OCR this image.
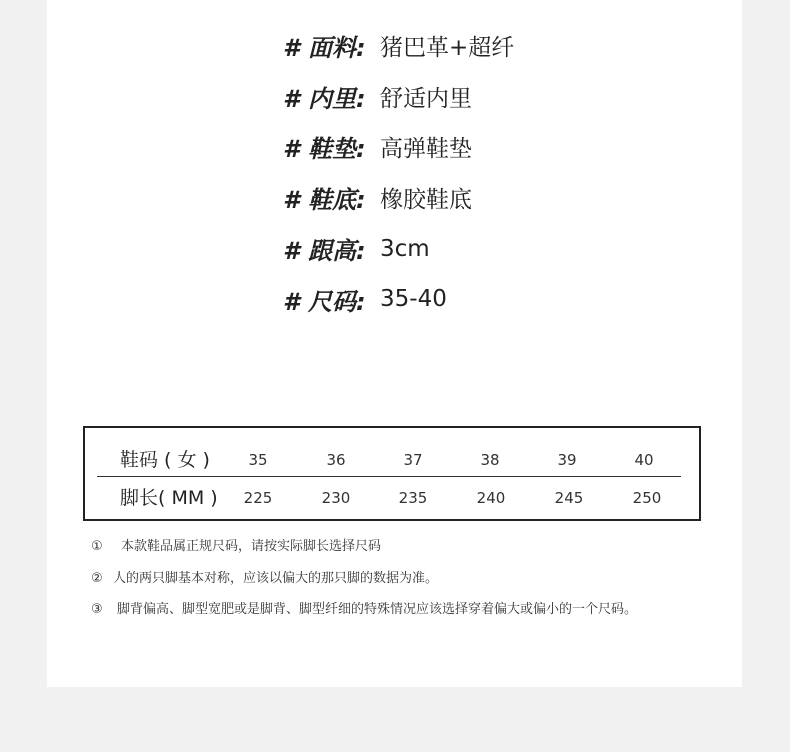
# 面料: 猪巴革+超纤
# 内里: 舒适内里
# 鞋垫: 高弹鞋垫
# 鞋底: 橡胶鞋底
# 跟高: 3cm
# 尺码: 35-40
鞋码 ( 女 )	35	36	37	38	39	40
脚长( MM )	225	230	235	240	245	250
① 本款鞋品属正规尺码，请按实际脚长选择尺码
② 人的两只脚基本对称，应该以偏大的那只脚的数据为准。
③ 脚背偏高、脚型宽肥或是脚背、脚型纤细的特殊情况应该选择穿着偏大或偏小的一个尺码。
